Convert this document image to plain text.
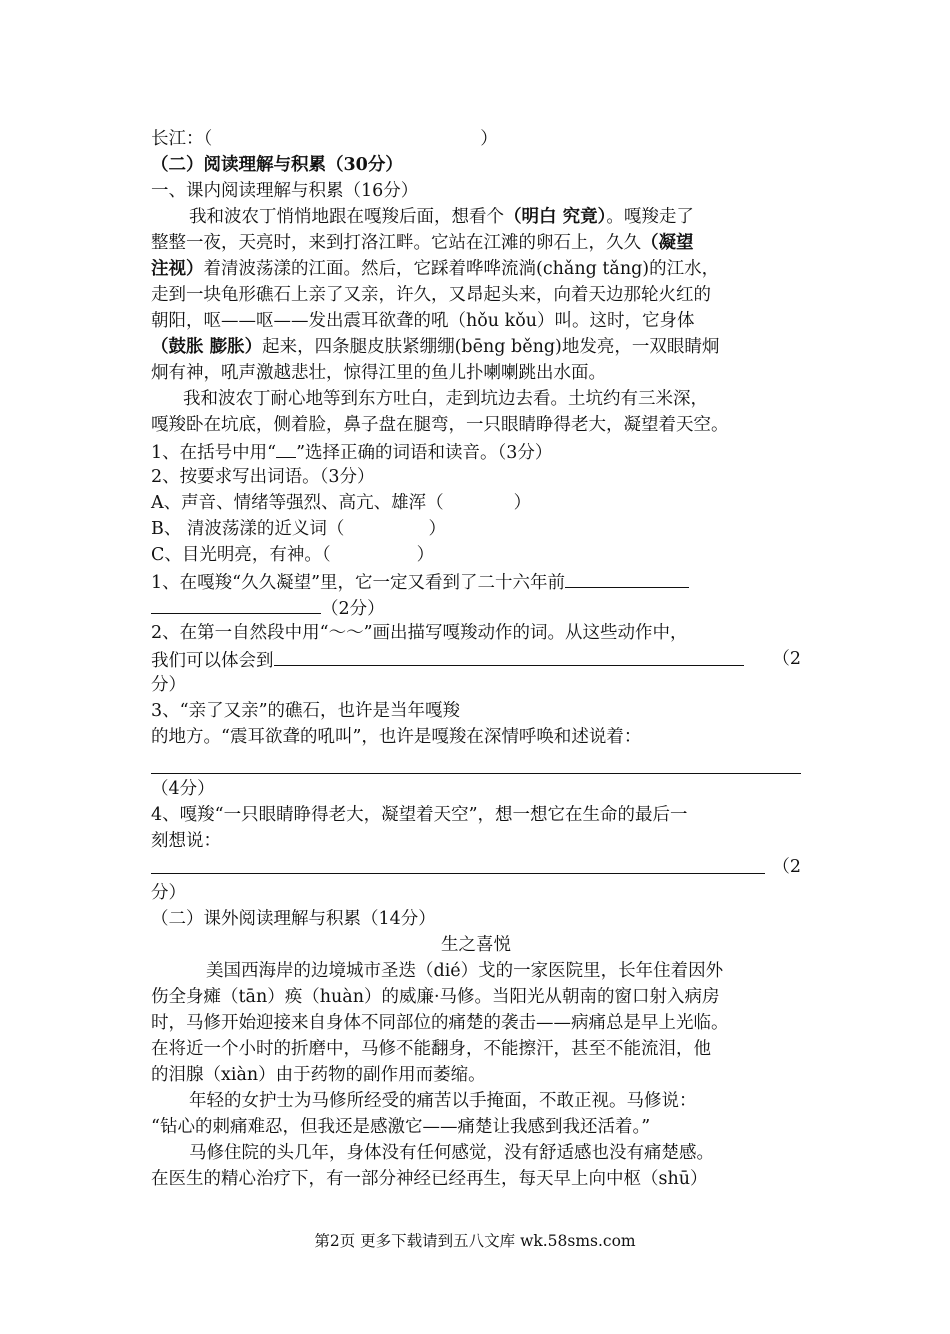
长江：（	）
（二）阅读理解与积累（30分）
一、课内阅读理解与积累（16分）
我和波农丁悄悄地跟在嘎羧后面，想看个（明白 究竟）。嘎羧走了
整整一夜，天亮时，来到打洛江畔。它站在江滩的卵石上，久久（凝望
注视）着清波荡漾的江面。然后，它踩着哗哗流淌(chǎng tǎng)的江水，
走到一块龟形礁石上亲了又亲，许久，又昂起头来，向着天边那轮火红的
朝阳，呕——呕——发出震耳欲聋的吼（hǒu kǒu）叫。这时，它身体
（鼓胀 膨胀）起来，四条腿皮肤紧绷绷(bēng běng)地发亮，一双眼睛炯
炯有神，吼声激越悲壮，惊得江里的鱼儿扑喇喇跳出水面。
我和波农丁耐心地等到东方吐白，走到坑边去看。土坑约有三米深，
嘎羧卧在坑底，侧着脸，鼻子盘在腿弯，一只眼睛睁得老大，凝望着天空。
1、在括号中用“ ”选择正确的词语和读音。（3分）
2、按要求写出词语。（3分）
A、声音、情绪等强烈、高亢、雄浑（	）
B、 清波荡漾的近义词（	）
C、目光明亮，有神。（	）
1、在嘎羧“久久凝望”里，它一定又看到了二十六年前
（2分）
2、在第一自然段中用“～～”画出描写嘎羧动作的词。从这些动作中，
我们可以体会到	（2
分）
3、“亲了又亲”的礁石，也许是当年嘎羧
的地方。“震耳欲聋的吼叫”，也许是嘎羧在深情呼唤和述说着：
（4分）
4、嘎羧“一只眼睛睁得老大，凝望着天空”，想一想它在生命的最后一
刻想说：
（2
分）
（二）课外阅读理解与积累（14分）
生之喜悦
美国西海岸的边境城市圣迭（dié）戈的一家医院里，长年住着因外
伤全身瘫（tān）痪（huàn）的威廉·马修。当阳光从朝南的窗口射入病房
时，马修开始迎接来自身体不同部位的痛楚的袭击——病痛总是早上光临。
在将近一个小时的折磨中，马修不能翻身，不能擦汗，甚至不能流泪，他
的泪腺（xiàn）由于药物的副作用而萎缩。
年轻的女护士为马修所经受的痛苦以手掩面，不敢正视。马修说：
“钻心的刺痛难忍，但我还是感激它——痛楚让我感到我还活着。”
马修住院的头几年，身体没有任何感觉，没有舒适感也没有痛楚感。
在医生的精心治疗下，有一部分神经已经再生，每天早上向中枢（shū）
第2页 更多下载请到五八文库 wk.58sms.com
